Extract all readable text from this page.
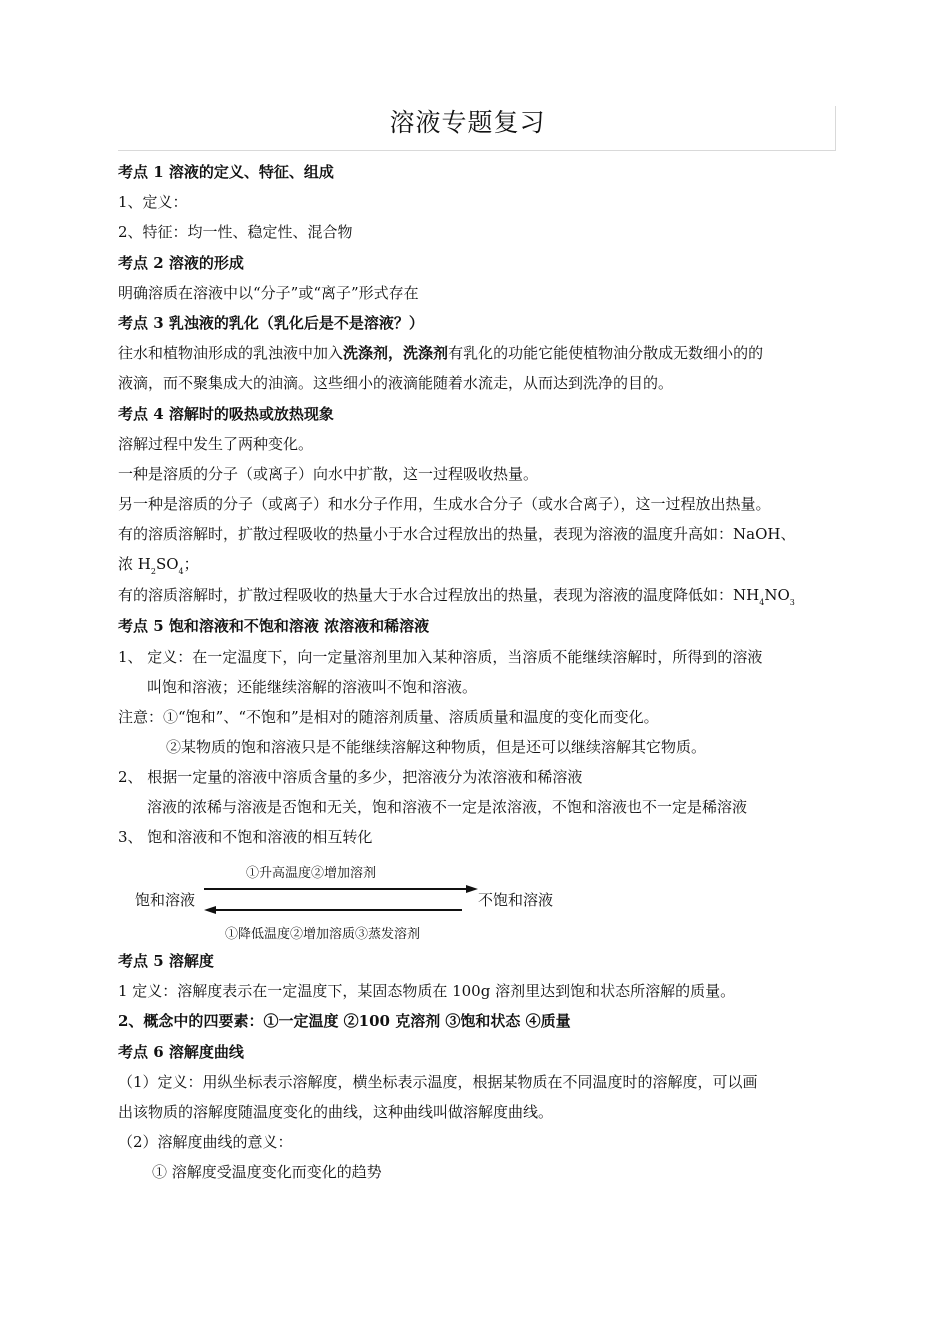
溶液专题复习
考点 1 溶液的定义、特征、组成
1、定义：
2、特征：均一性、稳定性、混合物
考点 2 溶液的形成
明确溶质在溶液中以“分子”或“离子”形式存在
考点 3 乳浊液的乳化（乳化后是不是溶液？）
往水和植物油形成的乳浊液中加入洗涤剂，洗涤剂有乳化的功能它能使植物油分散成无数细小的的
液滴，而不聚集成大的油滴。这些细小的液滴能随着水流走，从而达到洗净的目的。
考点 4 溶解时的吸热或放热现象
溶解过程中发生了两种变化。
一种是溶质的分子（或离子）向水中扩散，这一过程吸收热量。
另一种是溶质的分子（或离子）和水分子作用，生成水合分子（或水合离子），这一过程放出热量。
有的溶质溶解时，扩散过程吸收的热量小于水合过程放出的热量，表现为溶液的温度升高如：NaOH、
浓 $H_2SO_4$；
有的溶质溶解时，扩散过程吸收的热量大于水合过程放出的热量，表现为溶液的温度降低如：$NH_4NO_3$
考点 5 饱和溶液和不饱和溶液 浓溶液和稀溶液
1、 定义：在一定温度下，向一定量溶剂里加入某种溶质，当溶质不能继续溶解时，所得到的溶液
叫饱和溶液；还能继续溶解的溶液叫不饱和溶液。
注意：①“饱和”、“不饱和”是相对的随溶剂质量、溶质质量和温度的变化而变化。
②某物质的饱和溶液只是不能继续溶解这种物质，但是还可以继续溶解其它物质。
2、 根据一定量的溶液中溶质含量的多少，把溶液分为浓溶液和稀溶液
溶液的浓稀与溶液是否饱和无关，饱和溶液不一定是浓溶液，不饱和溶液也不一定是稀溶液
3、 饱和溶液和不饱和溶液的相互转化
①升高温度②增加溶剂
饱和溶液	不饱和溶液
①降低温度②增加溶质③蒸发溶剂
考点 5 溶解度
1 定义：溶解度表示在一定温度下，某固态物质在 100g 溶剂里达到饱和状态所溶解的质量。
2、概念中的四要素：①一定温度 ②100 克溶剂 ③饱和状态 ④质量
考点 6 溶解度曲线
（1）定义：用纵坐标表示溶解度，横坐标表示温度，根据某物质在不同温度时的溶解度，可以画
出该物质的溶解度随温度变化的曲线，这种曲线叫做溶解度曲线。
（2）溶解度曲线的意义：
① 溶解度受温度变化而变化的趋势
